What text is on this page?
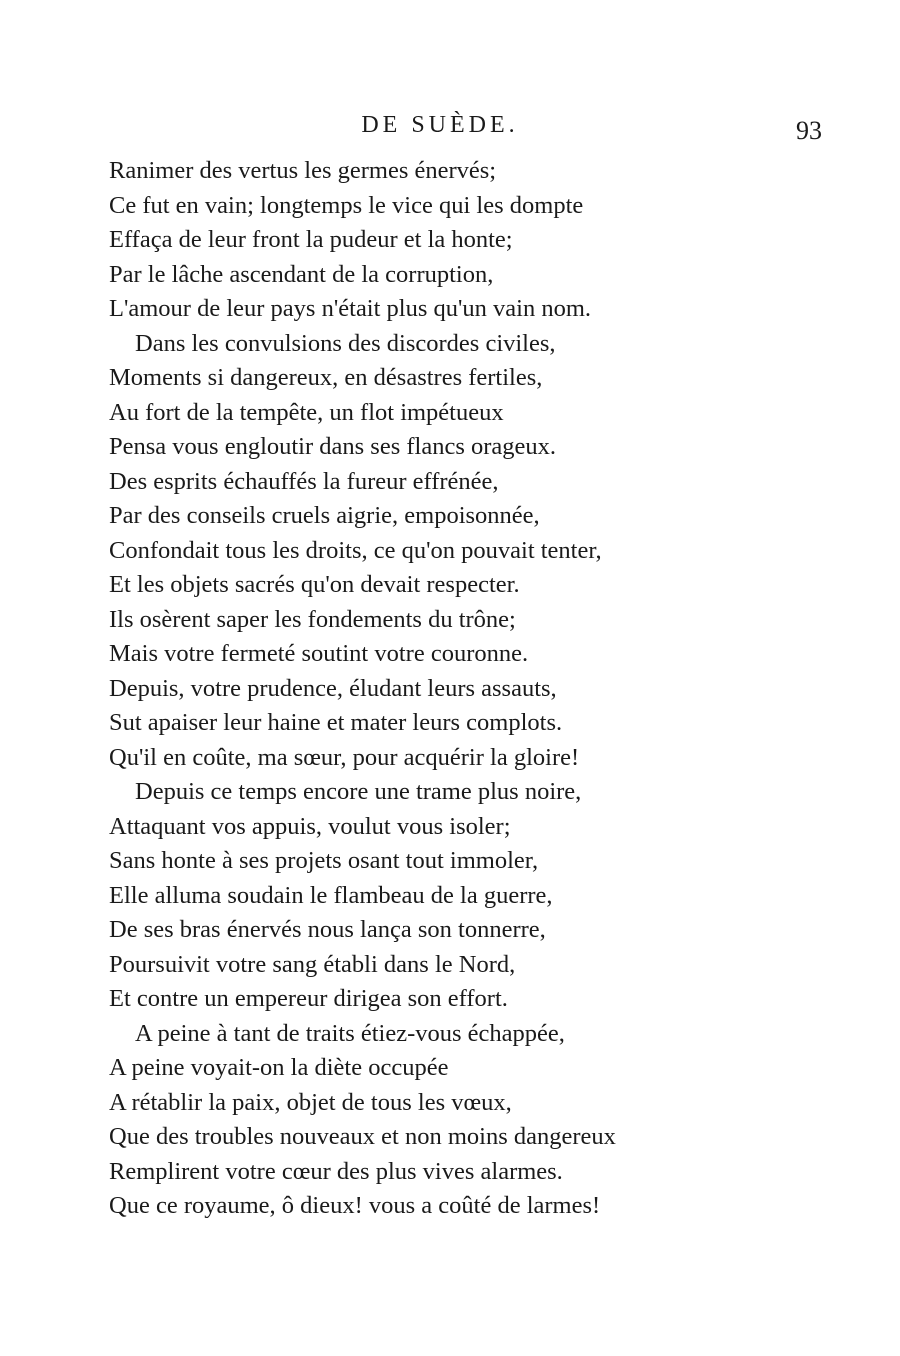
DE SUÈDE.	93
Ranimer des vertus les germes énervés;
Ce fut en vain; longtemps le vice qui les dompte
Effaça de leur front la pudeur et la honte;
Par le lâche ascendant de la corruption,
L'amour de leur pays n'était plus qu'un vain nom.
Dans les convulsions des discordes civiles,
Moments si dangereux, en désastres fertiles,
Au fort de la tempête, un flot impétueux
Pensa vous engloutir dans ses flancs orageux.
Des esprits échauffés la fureur effrénée,
Par des conseils cruels aigrie, empoisonnée,
Confondait tous les droits, ce qu'on pouvait tenter,
Et les objets sacrés qu'on devait respecter.
Ils osèrent saper les fondements du trône;
Mais votre fermeté soutint votre couronne.
Depuis, votre prudence, éludant leurs assauts,
Sut apaiser leur haine et mater leurs complots.
Qu'il en coûte, ma sœur, pour acquérir la gloire!
Depuis ce temps encore une trame plus noire,
Attaquant vos appuis, voulut vous isoler;
Sans honte à ses projets osant tout immoler,
Elle alluma soudain le flambeau de la guerre,
De ses bras énervés nous lança son tonnerre,
Poursuivit votre sang établi dans le Nord,
Et contre un empereur dirigea son effort.
A peine à tant de traits étiez-vous échappée,
A peine voyait-on la diète occupée
A rétablir la paix, objet de tous les vœux,
Que des troubles nouveaux et non moins dangereux
Remplirent votre cœur des plus vives alarmes.
Que ce royaume, ô dieux! vous a coûté de larmes!
